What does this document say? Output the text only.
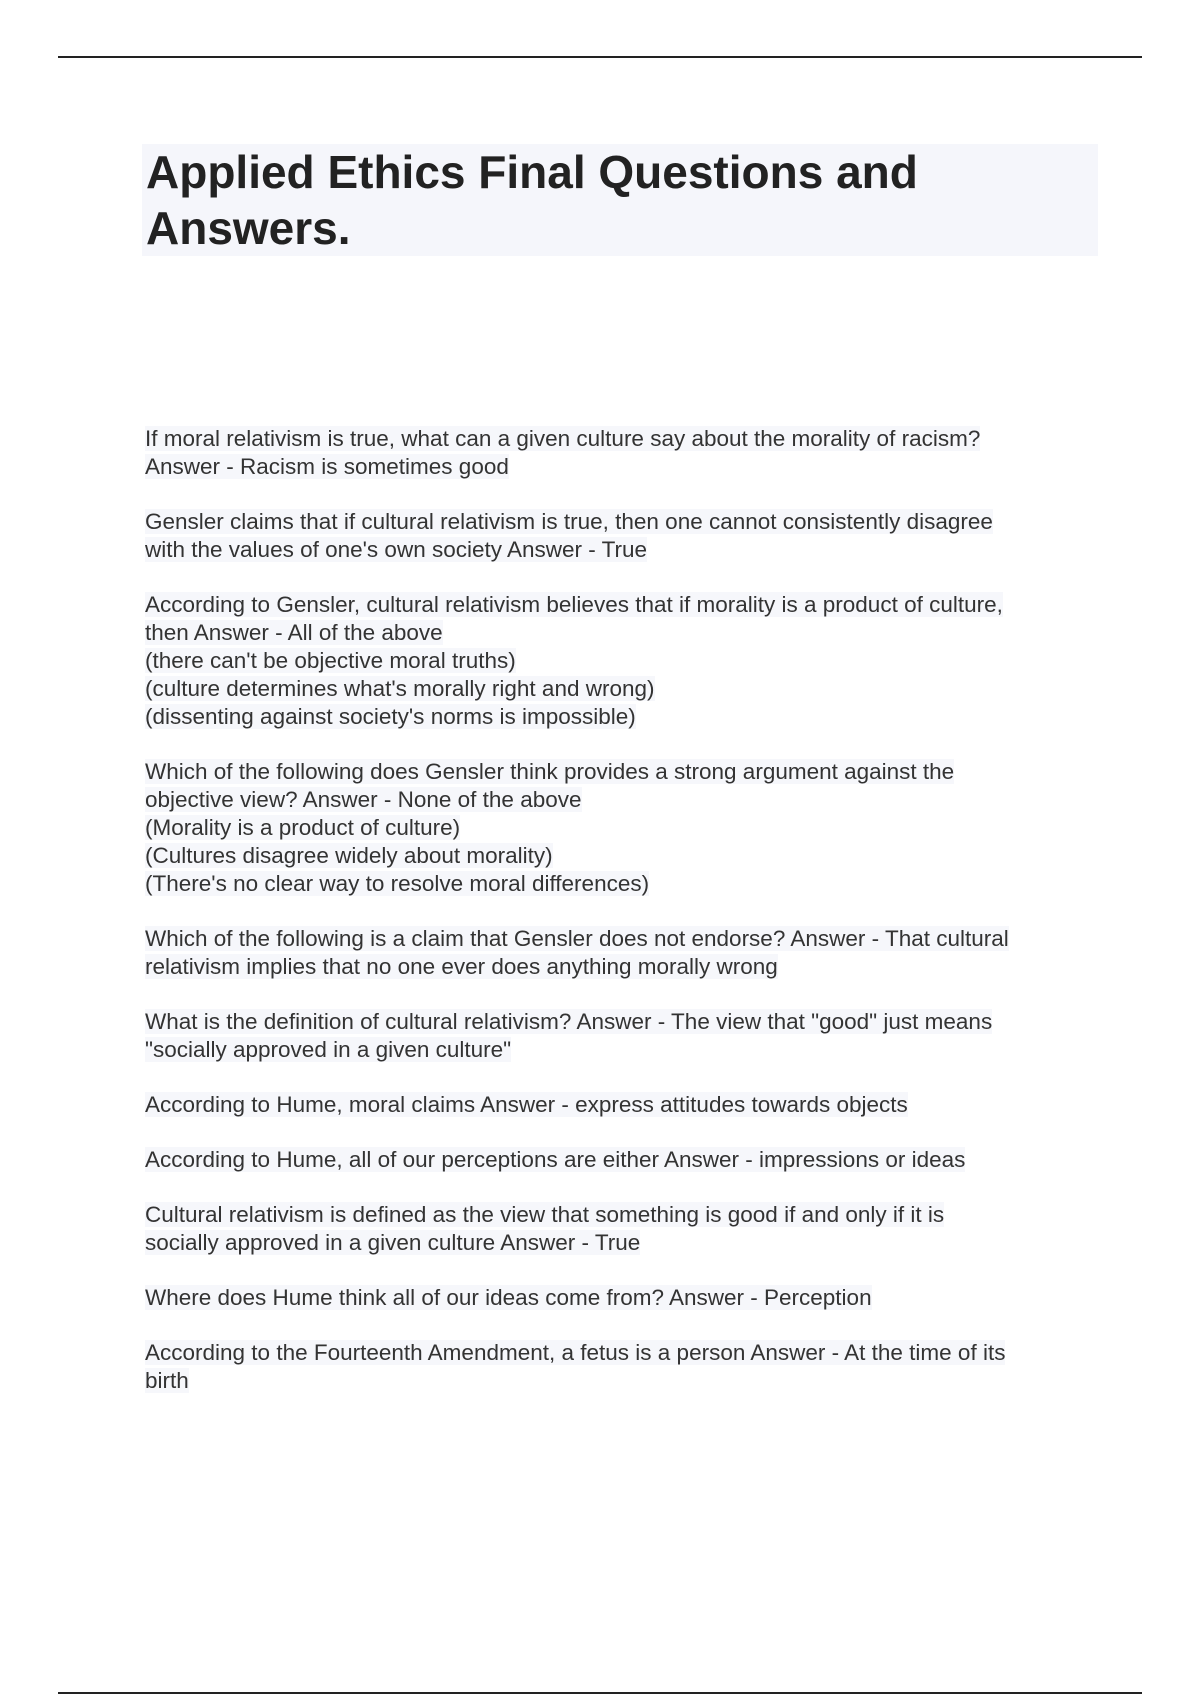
Applied Ethics Final Questions and
Answers.
If moral relativism is true, what can a given culture say about the morality of racism?
Answer - Racism is sometimes good
Gensler claims that if cultural relativism is true, then one cannot consistently disagree
with the values of one's own society Answer - True
According to Gensler, cultural relativism believes that if morality is a product of culture,
then Answer - All of the above
(there can't be objective moral truths)
(culture determines what's morally right and wrong)
(dissenting against society's norms is impossible)
Which of the following does Gensler think provides a strong argument against the
objective view? Answer - None of the above
(Morality is a product of culture)
(Cultures disagree widely about morality)
(There's no clear way to resolve moral differences)
Which of the following is a claim that Gensler does not endorse? Answer - That cultural
relativism implies that no one ever does anything morally wrong
What is the definition of cultural relativism? Answer - The view that "good" just means
"socially approved in a given culture"
According to Hume, moral claims Answer - express attitudes towards objects
According to Hume, all of our perceptions are either Answer - impressions or ideas
Cultural relativism is defined as the view that something is good if and only if it is
socially approved in a given culture Answer - True
Where does Hume think all of our ideas come from? Answer - Perception
According to the Fourteenth Amendment, a fetus is a person Answer - At the time of its
birth
